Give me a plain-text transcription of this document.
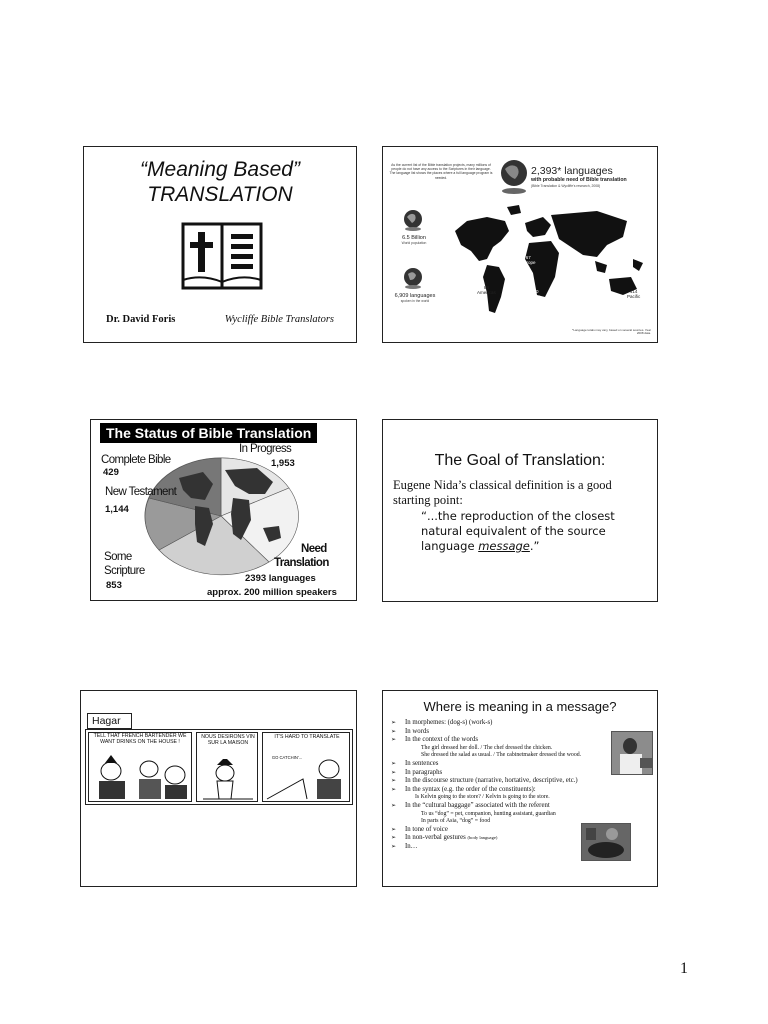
“Meaning Based”
TRANSLATION
Dr. David Foris	Wycliffe Bible Translators
As the current list of the Bible translation projects, many millions of people do not have any access to the Scriptures in their language. The language list shows the places where a full language program is needed.
2,393* languages
with probable need of Bible translation
(Bible Translation & Wycliffe's research, 2008)
6.5 Billion
World population
6,909 languages
spoken in the world
67
Europe
1014
Asia
88
Americas	810
Africa
414
Pacific
*Language totals may vary, based on several sources. Year 2008 data.
The Status of Bible Translation
Complete Bible
429
In Progress
1,953
New Testament
1,144
Some
Scripture
853
Need
Translation
2393 languages
approx. 200 million speakers
The Goal of Translation:
Eugene Nida’s classical definition is a good starting point:
“...the reproduction of the closest natural equivalent of the source language message.”
Hagar
TELL THAT FRENCH BARTENDER WE WANT DRINKS ON THE HOUSE !
NOUS DESIRONS VIN SUR LA MAISON
IT'S HARD TO TRANSLATE
GO CATCHIN'...
Where is meaning in a message?
➢ In morphemes: (dog-s) (work-s)
➢ In words
➢ In the context of the words
The girl dressed her doll. / The chef dressed the chicken.
She dressed the salad as usual. / The cabinetmaker dressed the wood.
➢ In sentences
➢ In paragraphs
➢ In the discourse structure (narrative, hortative, descriptive, etc.)
➢ In the syntax (e.g. the order of the constituents):
Is Kelvin going to the store? / Kelvin is going to the store.
➢ In the “cultural baggage” associated with the referent
To us “dog” = pet, companion, hunting assistant, guardian
In parts of Asia, “dog” = food
➢ In tone of voice
➢ In non-verbal gestures (body language)
➢ In…
1
